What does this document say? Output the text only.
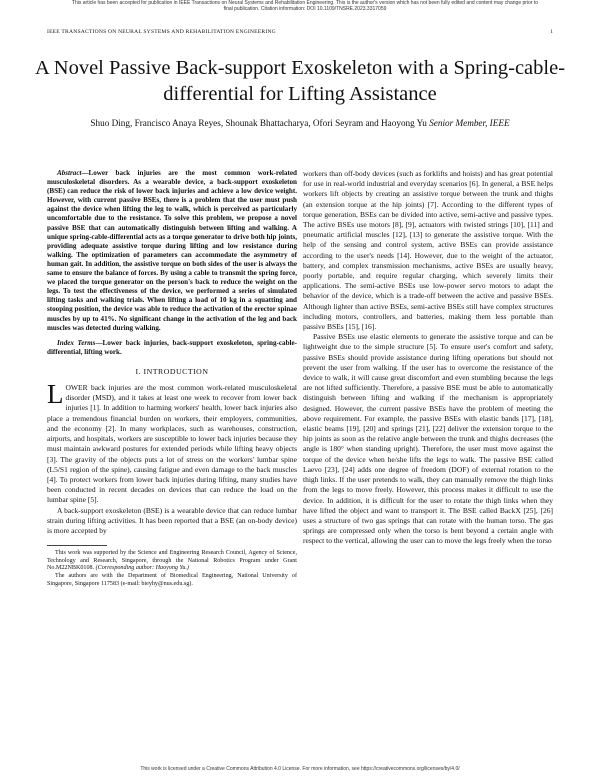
This article has been accepted for publication in IEEE Transactions on Neural Systems and Rehabilitation Engineering. This is the author's version which has not been fully edited and content may change prior to final publication. Citation information: DOI 10.1109/TNSRE.2023.3317059
IEEE TRANSACTIONS ON NEURAL SYSTEMS AND REHABILITATION ENGINEERING	1
A Novel Passive Back-support Exoskeleton with a Spring-cable-differential for Lifting Assistance
Shuo Ding, Francisco Anaya Reyes, Shounak Bhattacharya, Ofori Seyram and Haoyong Yu Senior Member, IEEE

Abstract—Lower back injuries are the most common work-related musculoskeletal disorders. As a wearable device, a back-support exoskeleton (BSE) can reduce the risk of lower back injuries and achieve a low device weight. However, with current passive BSEs, there is a problem that the user must push against the device when lifting the leg to walk, which is perceived as particularly uncomfortable due to the resistance. To solve this problem, we propose a novel passive BSE that can automatically distinguish between lifting and walking. A unique spring-cable-differential acts as a torque generator to drive both hip joints, providing adequate assistive torque during lifting and low resistance during walking. The optimization of parameters can accommodate the asymmetry of human gait. In addition, the assistive torque on both sides of the user is always the same to ensure the balance of forces. By using a cable to transmit the spring force, we placed the torque generator on the person's back to reduce the weight on the legs. To test the effectiveness of the device, we performed a series of simulated lifting tasks and walking trials. When lifting a load of 10 kg in a squatting and stooping position, the device was able to reduce the activation of the erector spinae muscles by up to 41%. No significant change in the activation of the leg and back muscles was detected during walking.

Index Terms—Lower back injuries, back-support exoskeleton, spring-cable-differential, lifting work.

I. INTRODUCTION

LOWER back injuries are the most common work-related musculoskeletal disorder (MSD), and it takes at least one week to recover from lower back injuries [1]. In addition to harming workers' health, lower back injuries also place a tremendous financial burden on workers, their employers, communities, and the economy [2]. In many workplaces, such as warehouses, construction, airports, and hospitals, workers are susceptible to lower back injuries because they must maintain awkward postures for extended periods while lifting heavy objects [3]. The gravity of the objects puts a lot of stress on the workers' lumbar spine (L5/S1 region of the spine), causing fatigue and even damage to the back muscles [4]. To protect workers from lower back injuries during lifting, many studies have been conducted in recent decades on devices that can reduce the load on the lumbar spine [5].

A back-support exoskeleton (BSE) is a wearable device that can reduce lumbar strain during lifting activities. It has been reported that a BSE (an on-body device) is more accepted by

This work was supported by the Science and Engineering Research Council, Agency of Science, Technology and Research, Singapore, through the National Robotics Program under Grant No.M22NBK0108. (Corresponding author: Haoyong Yu.)

The authors are with the Department of Biomedical Engineering, National University of Singapore, Singapore 117583 (e-mail: bieyhy@nus.edu.sg).

workers than off-body devices (such as forklifts and hoists) and has great potential for use in real-world industrial and everyday scenarios [6]. In general, a BSE helps workers lift objects by creating an assistive torque between the trunk and thighs (an extension torque at the hip joints) [7]. According to the different types of torque generation, BSEs can be divided into active, semi-active and passive types. The active BSEs use motors [8], [9], actuators with twisted strings [10], [11] and pneumatic artificial muscles [12], [13] to generate the assistive torque. With the help of the sensing and control system, active BSEs can provide assistance according to the user's needs [14]. However, due to the weight of the actuator, battery, and complex transmission mechanisms, active BSEs are usually heavy, poorly portable, and require regular charging, which severely limits their applications. The semi-active BSEs use low-power servo motors to adapt the behavior of the device, which is a trade-off between the active and passive BSEs. Although lighter than active BSEs, semi-active BSEs still have complex structures including motors, controllers, and batteries, making them less portable than passive BSEs [15], [16].

Passive BSEs use elastic elements to generate the assistive torque and can be lightweight due to the simple structure [5]. To ensure user's comfort and safety, passive BSEs should provide assistance during lifting operations but should not prevent the user from walking. If the user has to overcome the resistance of the device to walk, it will cause great discomfort and even stumbling because the legs are not lifted sufficiently. Therefore, a passive BSE must be able to automatically distinguish between lifting and walking if the mechanism is appropriately designed. However, the current passive BSEs have the problem of meeting the above requirement. For example, the passive BSEs with elastic bands [17], [18], elastic beams [19], [20] and springs [21], [22] deliver the extension torque to the hip joints as soon as the relative angle between the trunk and thighs decreases (the angle is 180° when standing upright). Therefore, the user must move against the torque of the device when he/she lifts the legs to walk. The passive BSE called Laevo [23], [24] adds one degree of freedom (DOF) of external rotation to the thigh links. If the user pretends to walk, they can manually remove the thigh links from the legs to move freely. However, this process makes it difficult to use the device. In addition, it is difficult for the user to rotate the thigh links when they have lifted the object and want to transport it. The BSE called BackX [25], [26] uses a structure of two gas springs that can rotate with the human torso. The gas springs are compressed only when the torso is bent beyond a certain angle with respect to the vertical, allowing the user can to move the legs freely when the torso

This work is licensed under a Creative Commons Attribution 4.0 License. For more information, see https://creativecommons.org/licenses/by/4.0/
